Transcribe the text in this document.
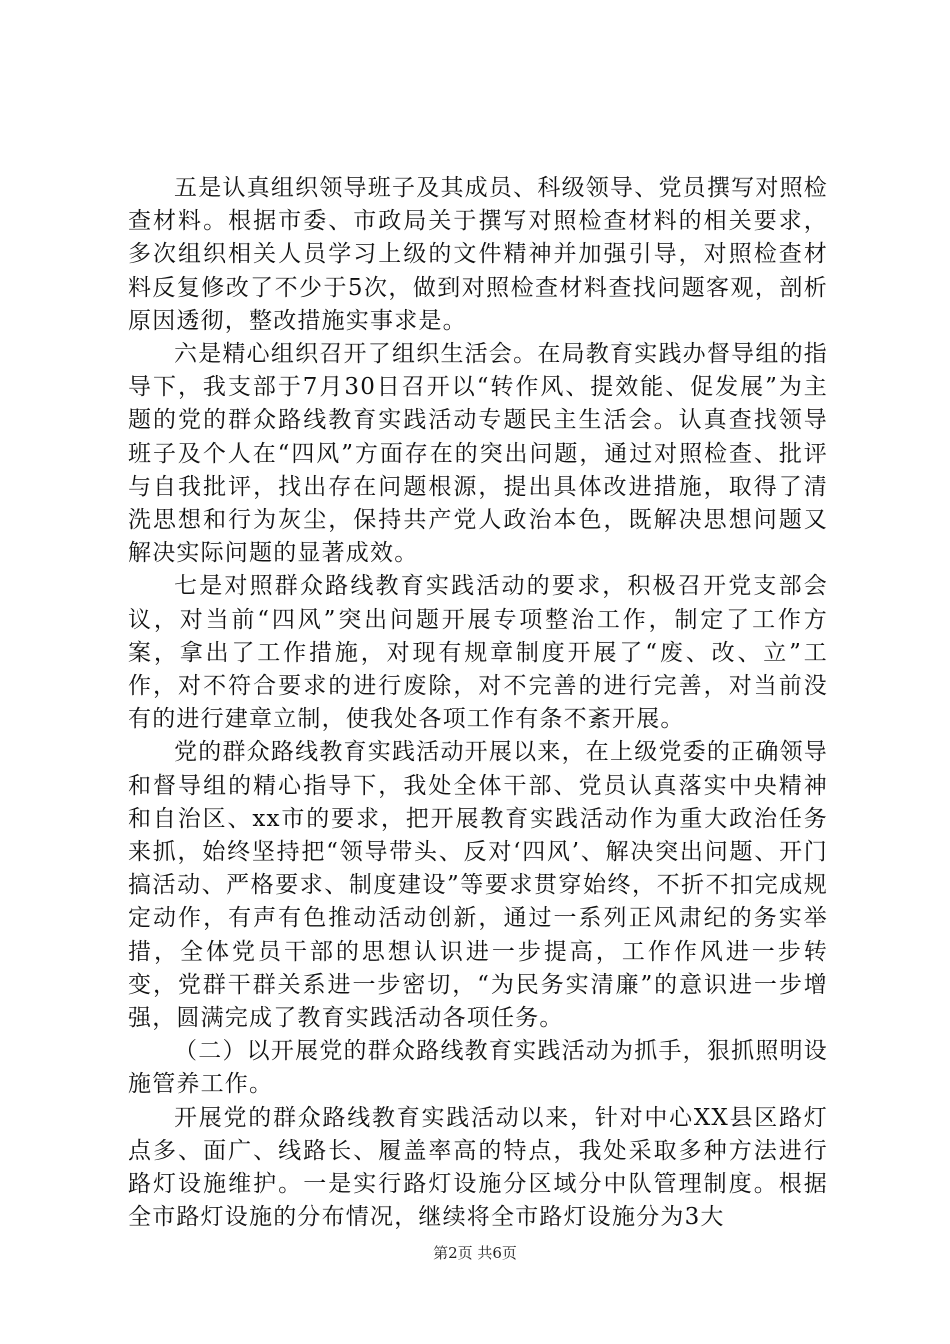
五是认真组织领导班子及其成员、科级领导、党员撰写对照检查材料。根据市委、市政局关于撰写对照检查材料的相关要求，多次组织相关人员学习上级的文件精神并加强引导，对照检查材料反复修改了不少于5次，做到对照检查材料查找问题客观，剖析原因透彻，整改措施实事求是。

六是精心组织召开了组织生活会。在局教育实践办督导组的指导下，我支部于7月30日召开以“转作风、提效能、促发展”为主题的党的群众路线教育实践活动专题民主生活会。认真查找领导班子及个人在“四风”方面存在的突出问题，通过对照检查、批评与自我批评，找出存在问题根源，提出具体改进措施，取得了清洗思想和行为灰尘，保持共产党人政治本色，既解决思想问题又解决实际问题的显著成效。

七是对照群众路线教育实践活动的要求，积极召开党支部会议，对当前“四风”突出问题开展专项整治工作，制定了工作方案，拿出了工作措施，对现有规章制度开展了“废、改、立”工作，对不符合要求的进行废除，对不完善的进行完善，对当前没有的进行建章立制，使我处各项工作有条不紊开展。

党的群众路线教育实践活动开展以来，在上级党委的正确领导和督导组的精心指导下，我处全体干部、党员认真落实中央精神和自治区、xx市的要求，把开展教育实践活动作为重大政治任务来抓，始终坚持把“领导带头、反对‘四风’、解决突出问题、开门搞活动、严格要求、制度建设”等要求贯穿始终，不折不扣完成规定动作，有声有色推动活动创新，通过一系列正风肃纪的务实举措，全体党员干部的思想认识进一步提高，工作作风进一步转变，党群干群关系进一步密切，“为民务实清廉”的意识进一步增强，圆满完成了教育实践活动各项任务。

（二）以开展党的群众路线教育实践活动为抓手，狠抓照明设施管养工作。

开展党的群众路线教育实践活动以来，针对中心XX县区路灯点多、面广、线路长、履盖率高的特点，我处采取多种方法进行路灯设施维护。一是实行路灯设施分区域分中队管理制度。根据全市路灯设施的分布情况，继续将全市路灯设施分为3大

第2页 共6页
